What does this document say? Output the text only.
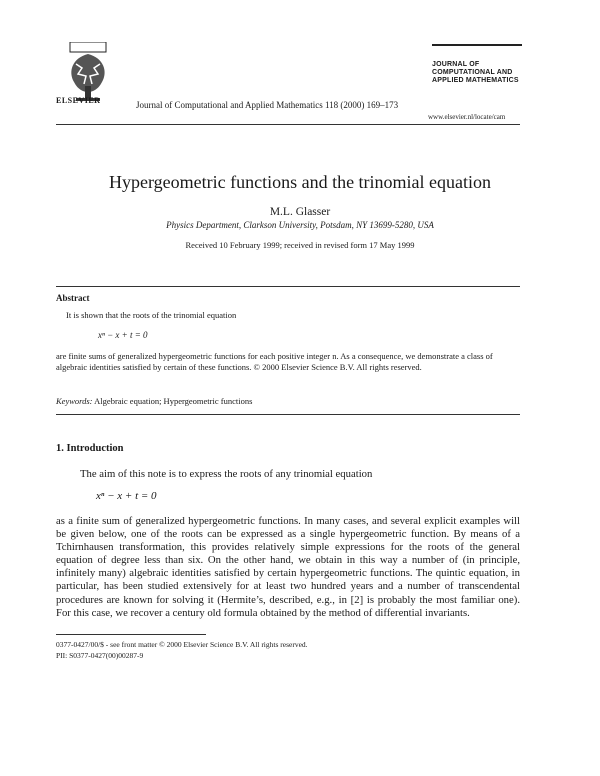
ELSEVIER	Journal of Computational and Applied Mathematics 118 (2000) 169–173
JOURNAL OF
COMPUTATIONAL AND
APPLIED MATHEMATICS
www.elsevier.nl/locate/cam
Hypergeometric functions and the trinomial equation
M.L. Glasser
Physics Department, Clarkson University, Potsdam, NY 13699-5280, USA
Received 10 February 1999; received in revised form 17 May 1999
Abstract
It is shown that the roots of the trinomial equation
xⁿ − x + t = 0
are finite sums of generalized hypergeometric functions for each positive integer n. As a consequence, we demonstrate a class of algebraic identities satisfied by certain of these functions. © 2000 Elsevier Science B.V. All rights reserved.
Keywords: Algebraic equation; Hypergeometric functions
1. Introduction
The aim of this note is to express the roots of any trinomial equation
xⁿ − x + t = 0
as a finite sum of generalized hypergeometric functions. In many cases, and several explicit examples will be given below, one of the roots can be expressed as a single hypergeometric function. By means of a Tchirnhausen transformation, this provides relatively simple expressions for the roots of the general equation of degree less than six. On the other hand, we obtain in this way a number of (in principle, infinitely many) algebraic identities satisfied by certain hypergeometric functions. The quintic equation, in particular, has been studied extensively for at least two hundred years and a number of transcendental procedures are known for solving it (Hermite’s, described, e.g., in [2] is probably the most familiar one). For this case, we recover a century old formula obtained by the method of differential invariants.
0377-0427/00/$ - see front matter © 2000 Elsevier Science B.V. All rights reserved.
PII: S0377-0427(00)00287-9
